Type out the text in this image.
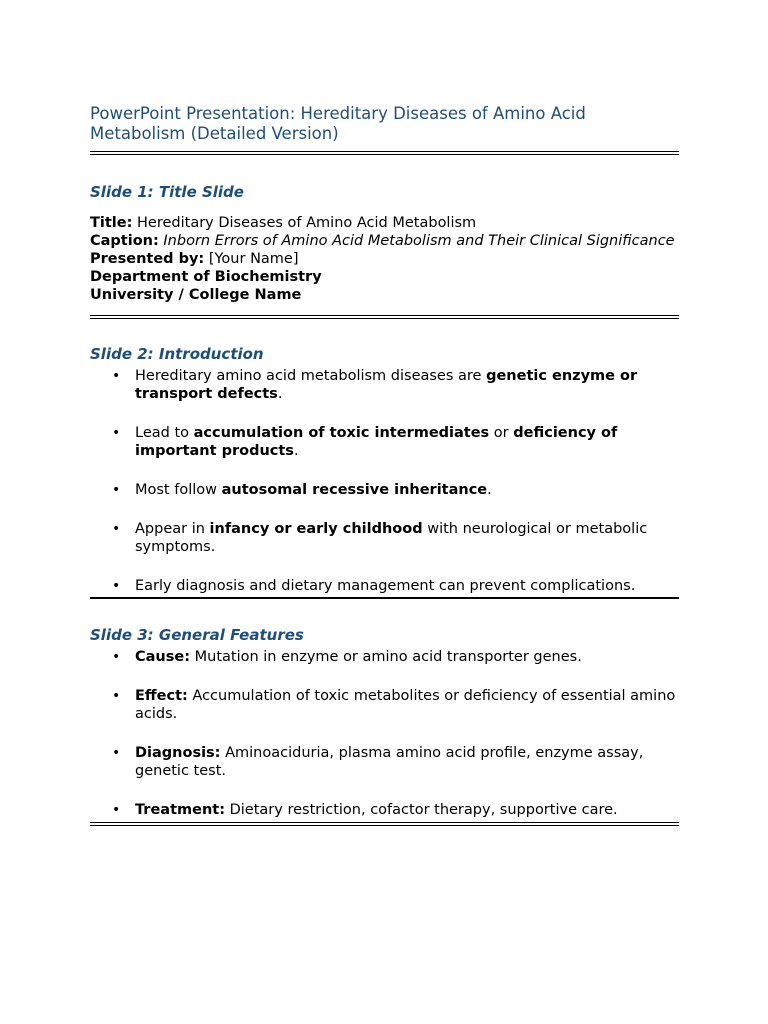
PowerPoint Presentation: Hereditary Diseases of Amino Acid Metabolism (Detailed Version)
Slide 1: Title Slide

Title: Hereditary Diseases of Amino Acid Metabolism

Caption: Inborn Errors of Amino Acid Metabolism and Their Clinical Significance

Presented by: [Your Name]

Department of Biochemistry

University / College Name

Slide 2: Introduction
• Hereditary amino acid metabolism diseases are genetic enzyme or transport defects.
• Lead to accumulation of toxic intermediates or deficiency of important products.
• Most follow autosomal recessive inheritance.
• Appear in infancy or early childhood with neurological or metabolic symptoms.
• Early diagnosis and dietary management can prevent complications.
Slide 3: General Features
• Cause: Mutation in enzyme or amino acid transporter genes.
• Effect: Accumulation of toxic metabolites or deficiency of essential amino acids.
• Diagnosis: Aminoaciduria, plasma amino acid profile, enzyme assay, genetic test.
• Treatment: Dietary restriction, cofactor therapy, supportive care.
